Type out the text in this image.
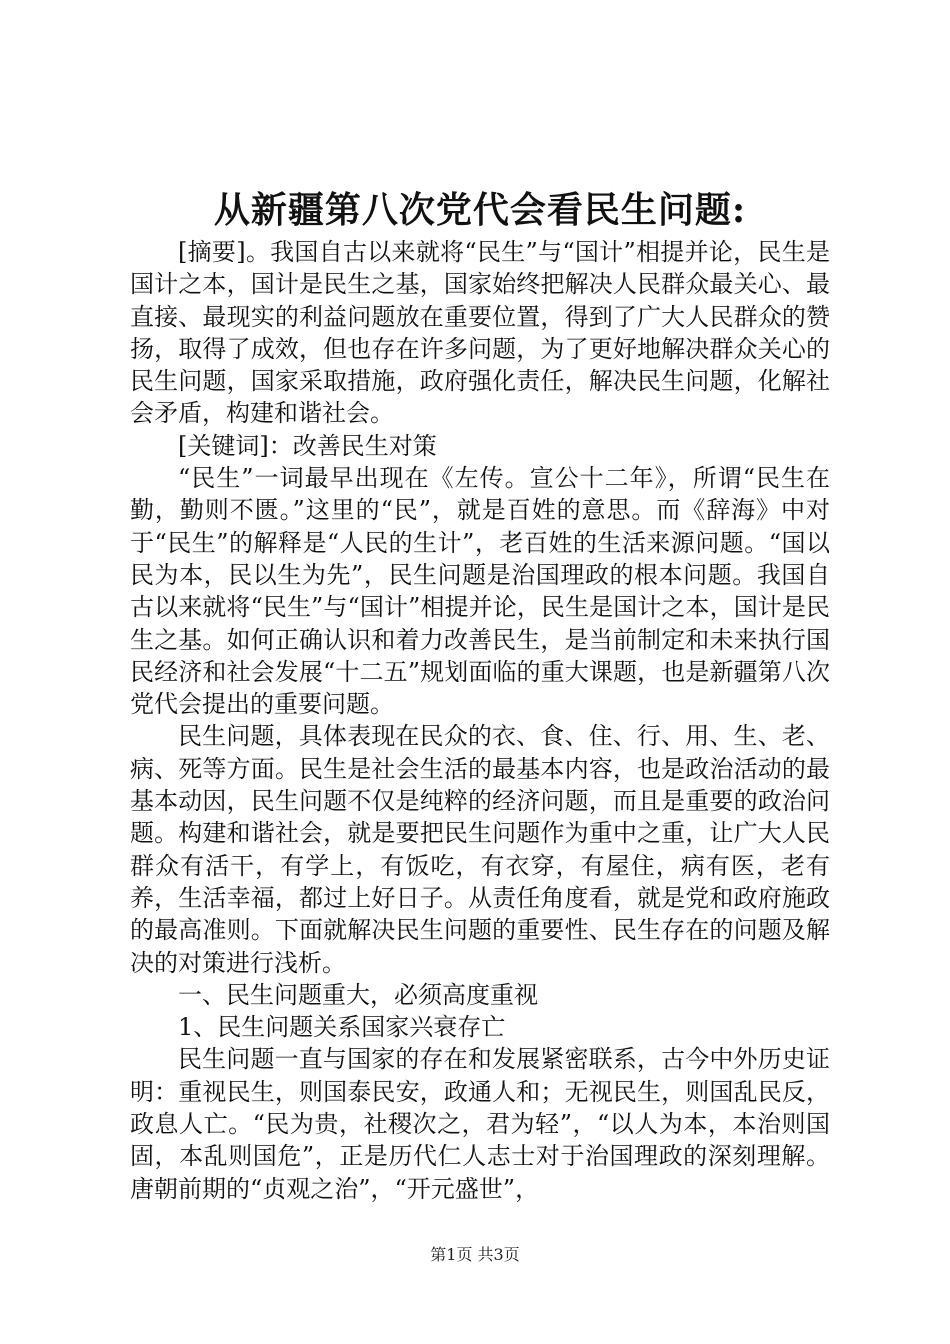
从新疆第八次党代会看民生问题:

[摘要]。我国自古以来就将“民生”与“国计”相提并论，民生是国计之本，国计是民生之基，国家始终把解决人民群众最关心、最直接、最现实的利益问题放在重要位置，得到了广大人民群众的赞扬，取得了成效，但也存在许多问题，为了更好地解决群众关心的民生问题，国家采取措施，政府强化责任，解决民生问题，化解社会矛盾，构建和谐社会。

[关键词]：改善民生对策

“民生”一词最早出现在《左传。宣公十二年》，所谓“民生在勤，勤则不匮。”这里的“民”，就是百姓的意思。而《辞海》中对于“民生”的解释是“人民的生计”，老百姓的生活来源问题。“国以民为本，民以生为先”，民生问题是治国理政的根本问题。我国自古以来就将“民生”与“国计”相提并论，民生是国计之本，国计是民生之基。如何正确认识和着力改善民生，是当前制定和未来执行国民经济和社会发展“十二五”规划面临的重大课题，也是新疆第八次党代会提出的重要问题。

民生问题，具体表现在民众的衣、食、住、行、用、生、老、病、死等方面。民生是社会生活的最基本内容，也是政治活动的最基本动因，民生问题不仅是纯粹的经济问题，而且是重要的政治问题。构建和谐社会，就是要把民生问题作为重中之重，让广大人民群众有活干，有学上，有饭吃，有衣穿，有屋住，病有医，老有养，生活幸福，都过上好日子。从责任角度看，就是党和政府施政的最高准则。下面就解决民生问题的重要性、民生存在的问题及解决的对策进行浅析。

一、民生问题重大，必须高度重视

1、民生问题关系国家兴衰存亡

民生问题一直与国家的存在和发展紧密联系，古今中外历史证明：重视民生，则国泰民安，政通人和；无视民生，则国乱民反，政息人亡。“民为贵，社稷次之，君为轻”，“以人为本，本治则国固，本乱则国危”，正是历代仁人志士对于治国理政的深刻理解。唐朝前期的“贞观之治”，“开元盛世”，

第1页 共3页
